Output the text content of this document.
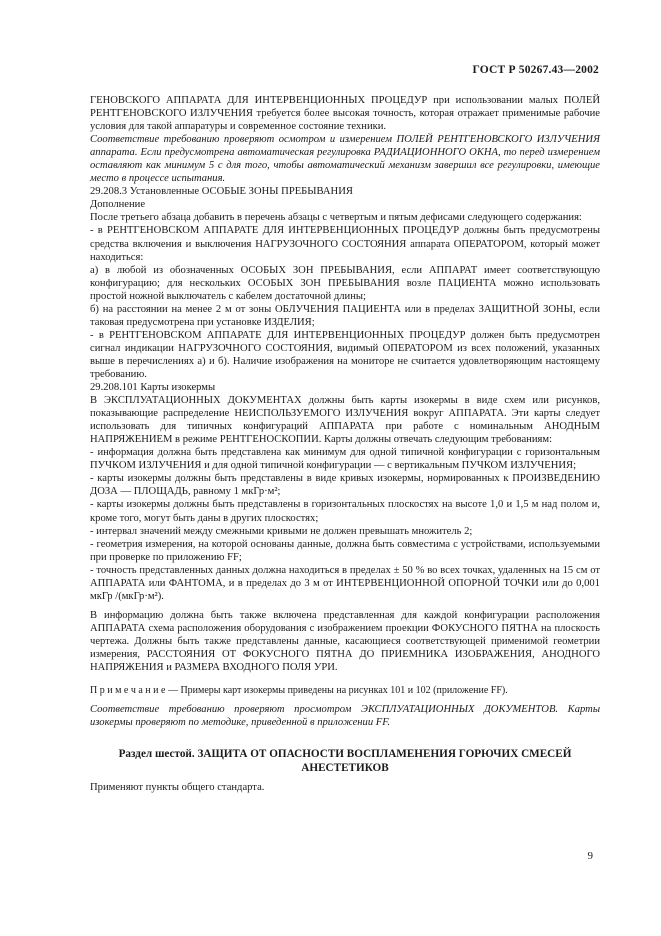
ГОСТ Р 50267.43—2002

ГЕНОВСКОГО АППАРАТА ДЛЯ ИНТЕРВЕНЦИОННЫХ ПРОЦЕДУР при использовании малых ПОЛЕЙ РЕНТГЕНОВСКОГО ИЗЛУЧЕНИЯ требуется более высокая точность, которая отражает применимые рабочие условия для такой аппаратуры и современное состояние техники.

Соответствие требованию проверяют осмотром и измерением ПОЛЕЙ РЕНТГЕНОВСКОГО ИЗЛУЧЕНИЯ аппарата. Если предусмотрена автоматическая регулировка РАДИАЦИОННОГО ОКНА, то перед измерением оставляют как минимум 5 с для того, чтобы автоматический механизм завершил все регулировки, имеющие место в процессе испытания.

29.208.3 Установленные ОСОБЫЕ ЗОНЫ ПРЕБЫВАНИЯ

Дополнение

После третьего абзаца добавить в перечень абзацы с четвертым и пятым дефисами следующего содержания:

- в РЕНТГЕНОВСКОМ АППАРАТЕ ДЛЯ ИНТЕРВЕНЦИОННЫХ ПРОЦЕДУР должны быть предусмотрены средства включения и выключения НАГРУЗОЧНОГО СОСТОЯНИЯ аппарата ОПЕРАТОРОМ, который может находиться:

а) в любой из обозначенных ОСОБЫХ ЗОН ПРЕБЫВАНИЯ, если АППАРАТ имеет соответствующую конфигурацию; для нескольких ОСОБЫХ ЗОН ПРЕБЫВАНИЯ возле ПАЦИЕНТА можно использовать простой ножной выключатель с кабелем достаточной длины;

б) на расстоянии на менее 2 м от зоны ОБЛУЧЕНИЯ ПАЦИЕНТА или в пределах ЗАЩИТНОЙ ЗОНЫ, если таковая предусмотрена при установке ИЗДЕЛИЯ;

- в РЕНТГЕНОВСКОМ АППАРАТЕ ДЛЯ ИНТЕРВЕНЦИОННЫХ ПРОЦЕДУР должен быть предусмотрен сигнал индикации НАГРУЗОЧНОГО СОСТОЯНИЯ, видимый ОПЕРАТОРОМ из всех положений, указанных выше в перечислениях а) и б). Наличие изображения на мониторе не считается удовлетворяющим настоящему требованию.

29.208.101 Карты изокермы

В ЭКСПЛУАТАЦИОННЫХ ДОКУМЕНТАХ должны быть карты изокермы в виде схем или рисунков, показывающие распределение НЕИСПОЛЬЗУЕМОГО ИЗЛУЧЕНИЯ вокруг АППАРАТА. Эти карты следует использовать для типичных конфигураций АППАРАТА при работе с номинальным АНОДНЫМ НАПРЯЖЕНИЕМ в режиме РЕНТГЕНОСКОПИИ. Карты должны отвечать следующим требованиям:

- информация должна быть представлена как минимум для одной типичной конфигурации с горизонтальным ПУЧКОМ ИЗЛУЧЕНИЯ и для одной типичной конфигурации — с вертикальным ПУЧКОМ ИЗЛУЧЕНИЯ;

- карты изокермы должны быть представлены в виде кривых изокермы, нормированных к ПРОИЗВЕДЕНИЮ ДОЗА — ПЛОЩАДЬ, равному 1 мкГр·м²;

- карты изокермы должны быть представлены в горизонтальных плоскостях на высоте 1,0 и 1,5 м над полом и, кроме того, могут быть даны в других плоскостях;

- интервал значений между смежными кривыми не должен превышать множитель 2;

- геометрия измерения, на которой основаны данные, должна быть совместима с устройствами, используемыми при проверке по приложению FF;

- точность представленных данных должна находиться в пределах ± 50 % во всех точках, удаленных на 15 см от АППАРАТА или ФАНТОМА, и в пределах до 3 м от ИНТЕРВЕНЦИОННОЙ ОПОРНОЙ ТОЧКИ или до 0,001 мкГр /(мкГр·м²).

В информацию должна быть также включена представленная для каждой конфигурации расположения АППАРАТА схема расположения оборудования с изображением проекции ФОКУСНОГО ПЯТНА на плоскость чертежа. Должны быть также представлены данные, касающиеся соответствующей применимой геометрии измерения, РАССТОЯНИЯ ОТ ФОКУСНОГО ПЯТНА ДО ПРИЕМНИКА ИЗОБРАЖЕНИЯ, АНОДНОГО НАПРЯЖЕНИЯ и РАЗМЕРА ВХОДНОГО ПОЛЯ УРИ.

П р и м е ч а н и е — Примеры карт изокермы приведены на рисунках 101 и 102 (приложение FF).

Соответствие требованию проверяют просмотром ЭКСПЛУАТАЦИОННЫХ ДОКУМЕНТОВ. Карты изокермы проверяют по методике, приведенной в приложении FF.

Раздел шестой. ЗАЩИТА ОТ ОПАСНОСТИ ВОСПЛАМЕНЕНИЯ ГОРЮЧИХ СМЕСЕЙ АНЕСТЕТИКОВ

Применяют пункты общего стандарта.

9
